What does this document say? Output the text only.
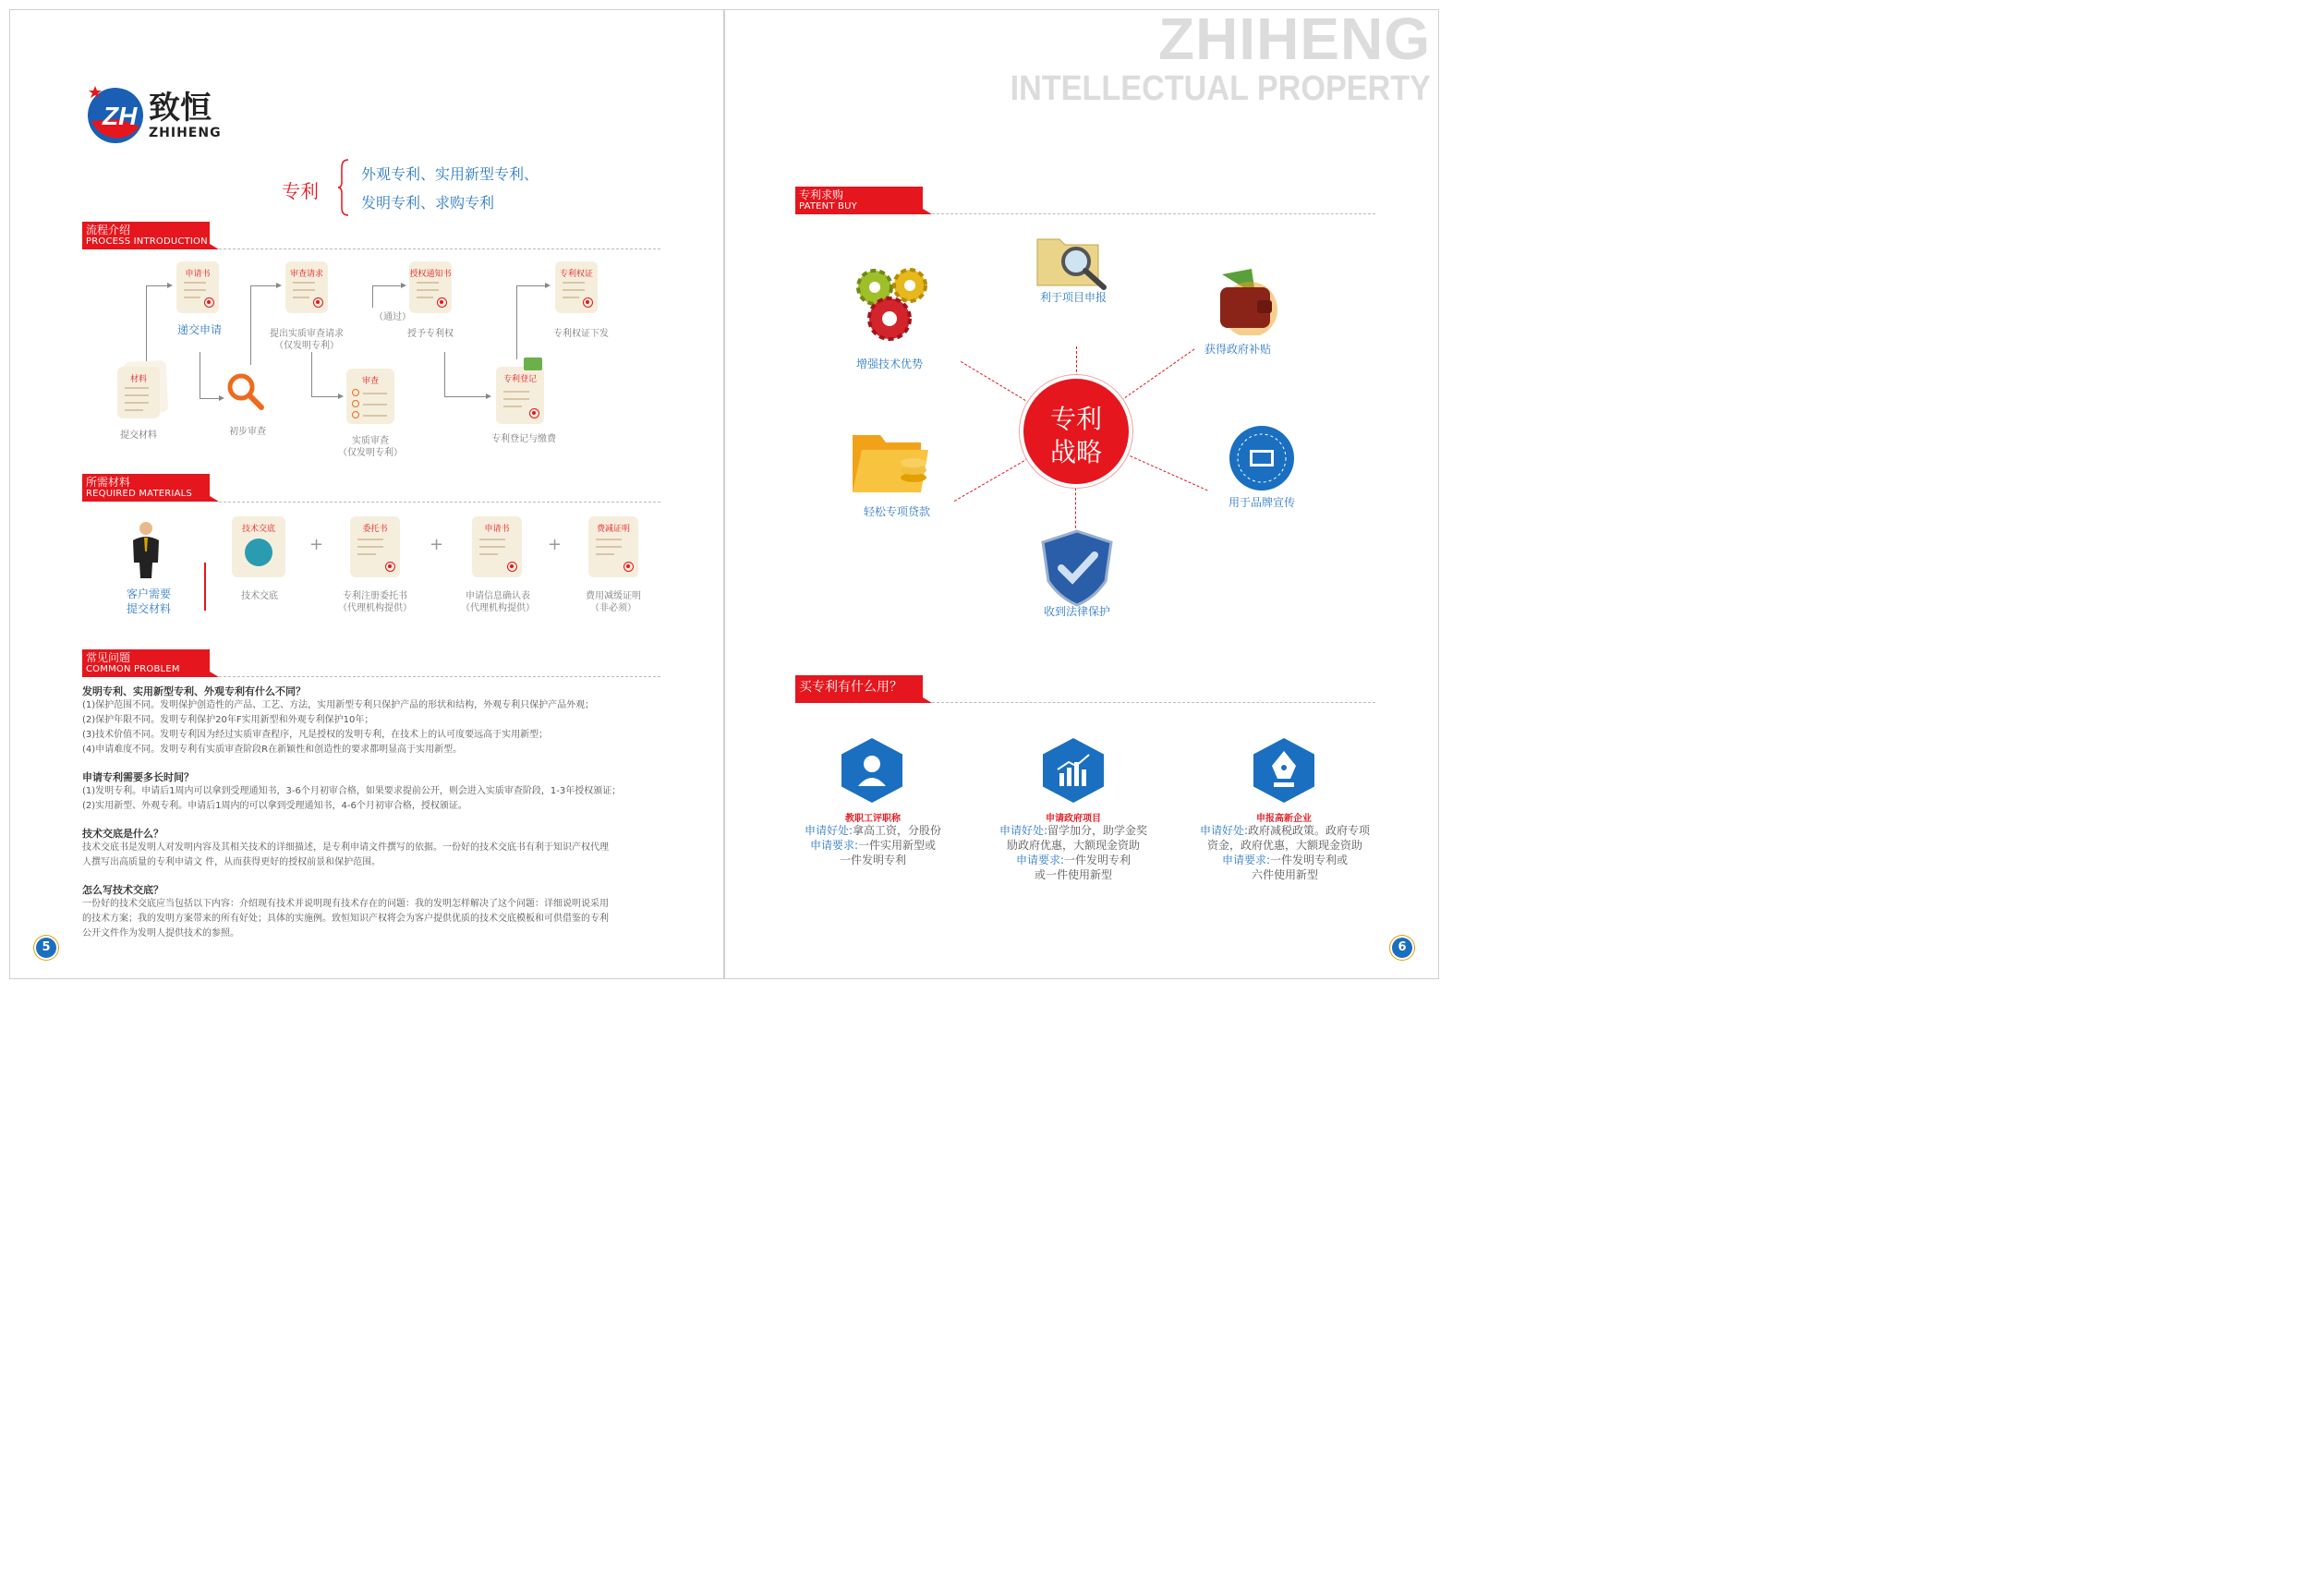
ZH 致恒
ZHIHENG
专利
外观专利、实用新型专利、
发明专利、求购专利
流程介绍
PROCESS INTRODUCTION
申请书
递交申请
审查请求
提出实质审查请求
（仅发明专利）
授权通知书
（通过）
授予专利权
专利权证
专利权证下发
材料
提交材料	初步审查
审查
实质审查
（仅发明专利）
专利登记
专利登记与缴费
所需材料
REQUIRED MATERIALS
客户需要
提交材料
技术交底
技术交底
+
委托书
专利注册委托书
（代理机构提供）
+
申请书
申请信息确认表
（代理机构提供）
+
费减证明
费用减缓证明
（非必须）
常见问题
COMMON PROBLEM
发明专利、实用新型专利、外观专利有什么不同？
(1)保护范围不同。发明保护创造性的产品、工艺、方法，实用新型专利只保护产品的形状和结构，外观专利只保护产品外观；
(2)保护年限不同。发明专利保护20年F实用新型和外观专利保护10年；
(3)技术价值不同。发明专利因为经过实质审查程序，凡是授权的发明专利，在技术上的认可度要远高于实用新型；
(4)申请难度不同。发明专利有实质审查阶段R在新颖性和创造性的要求都明显高于实用新型。
申请专利需要多长时间？
(1)发明专利。申请后1周内可以拿到受理通知书，3-6个月初审合格，如果要求提前公开，则会进入实质审查阶段，1-3年授权颁证；
(2)实用新型、外观专利。申请后1周内的可以拿到受理通知书，4-6个月初审合格，授权颁证。
技术交底是什么？
技术交底书是发明人对发明内容及其相关技术的详细描述，是专利申请文件撰写的依据。一份好的技术交底书有利于知识产权代理
人撰写出高质量的专利申请文 件，从而获得更好的授权前景和保护范围。
怎么写技术交底？
一份好的技术交底应当包括以下内容：介绍现有技术并说明现有技术存在的问题：我的发明怎样解决了这个问题：详细说明说采用
的技术方案；我的发明方案带来的所有好处；具体的实施例。致恒知识产权将会为客户提供优质的技术交底模板和可供借鉴的专利
公开文件作为发明人提供技术的参照。
5
ZHIHENG
INTELLECTUAL PROPERTY
专利求购
PATENT BUY
专利
战略
增强技术优势
利于项目申报
获得政府补贴
轻松专项贷款
用于品牌宣传
收到法律保护
买专利有什么用？
教职工评职称
申请好处:拿高工资，分股份
申请要求:一件实用新型或
一件发明专利
申请政府项目
申请好处:留学加分，助学金奖
励政府优惠，大额现金资助
申请要求:一件发明专利
或一件使用新型
申报高新企业
申请好处:政府减税政策。政府专项
资金，政府优惠，大额现金资助
申请要求:一件发明专利或
六件使用新型
6
